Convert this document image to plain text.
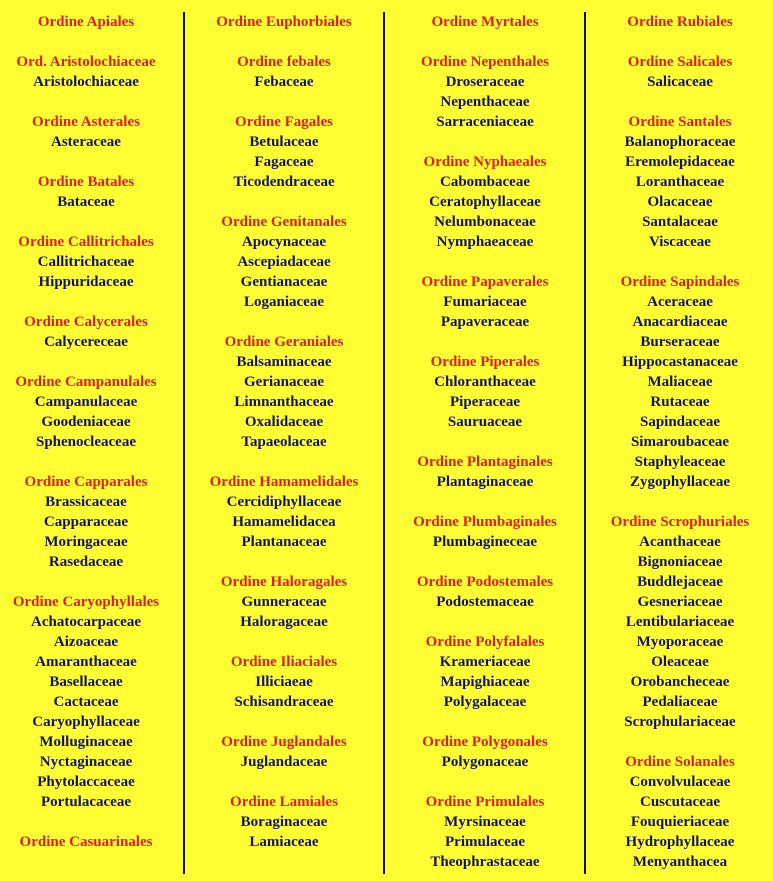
Ordine Apiales
Ord. Aristolochiaceae
Aristolochiaceae
Ordine Asterales
Asteraceae
Ordine Batales
Bataceae
Ordine Callitrichales
Callitrichaceae
Hippuridaceae
Ordine Calycerales
Calycereceae
Ordine Campanulales
Campanulaceae
Goodeniaceae
Sphenocleaceae
Ordine Capparales
Brassicaceae
Capparaceae
Moringaceae
Rasedaceae
Ordine Caryophyllales
Achatocarpaceae
Aizoaceae
Amaranthaceae
Basellaceae
Cactaceae
Caryophyllaceae
Molluginaceae
Nyctaginaceae
Phytolaccaceae
Portulacaceae
Ordine Casuarinales
Ordine Euphorbiales
Ordine febales
Febaceae
Ordine Fagales
Betulaceae
Fagaceae
Ticodendraceae
Ordine Genitanales
Apocynaceae
Ascepiadaceae
Gentianaceae
Loganiaceae
Ordine Geraniales
Balsaminaceae
Gerianaceae
Limnanthaceae
Oxalidaceae
Tapaeolaceae
Ordine Hamamelidales
Cercidiphyllaceae
Hamamelidacea
Plantanaceae
Ordine Haloragales
Gunneraceae
Haloragaceae
Ordine Iliaciales
Illiciaeae
Schisandraceae
Ordine Juglandales
Juglandaceae
Ordine Lamiales
Boraginaceae
Lamiaceae
Ordine Myrtales
Ordine Nepenthales
Droseraceae
Nepenthaceae
Sarraceniaceae
Ordine Nyphaeales
Cabombaceae
Ceratophyllaceae
Nelumbonaceae
Nymphaeaceae
Ordine Papaverales
Fumariaceae
Papaveraceae
Ordine Piperales
Chloranthaceae
Piperaceae
Sauruaceae
Ordine Plantaginales
Plantaginaceae
Ordine Plumbaginales
Plumbagineceae
Ordine Podostemales
Podostemaceae
Ordine Polyfalales
Krameriaceae
Mapighiaceae
Polygalaceae
Ordine Polygonales
Polygonaceae
Ordine Primulales
Myrsinaceae
Primulaceae
Theophrastaceae
Ordine Rubiales
Ordine Salicales
Salicaceae
Ordine Santales
Balanophoraceae
Eremolepidaceae
Loranthaceae
Olacaceae
Santalaceae
Viscaceae
Ordine Sapindales
Aceraceae
Anacardiaceae
Burseraceae
Hippocastanaceae
Maliaceae
Rutaceae
Sapindaceae
Simaroubaceae
Staphyleaceae
Zygophyllaceae
Ordine Scrophuriales
Acanthaceae
Bignoniaceae
Buddlejaceae
Gesneriaceae
Lentibulariaceae
Myoporaceae
Oleaceae
Orobancheceae
Pedaliaceae
Scrophulariaceae
Ordine Solanales
Convolvulaceae
Cuscutaceae
Fouquieriaceae
Hydrophyllaceae
Menyanthacea
